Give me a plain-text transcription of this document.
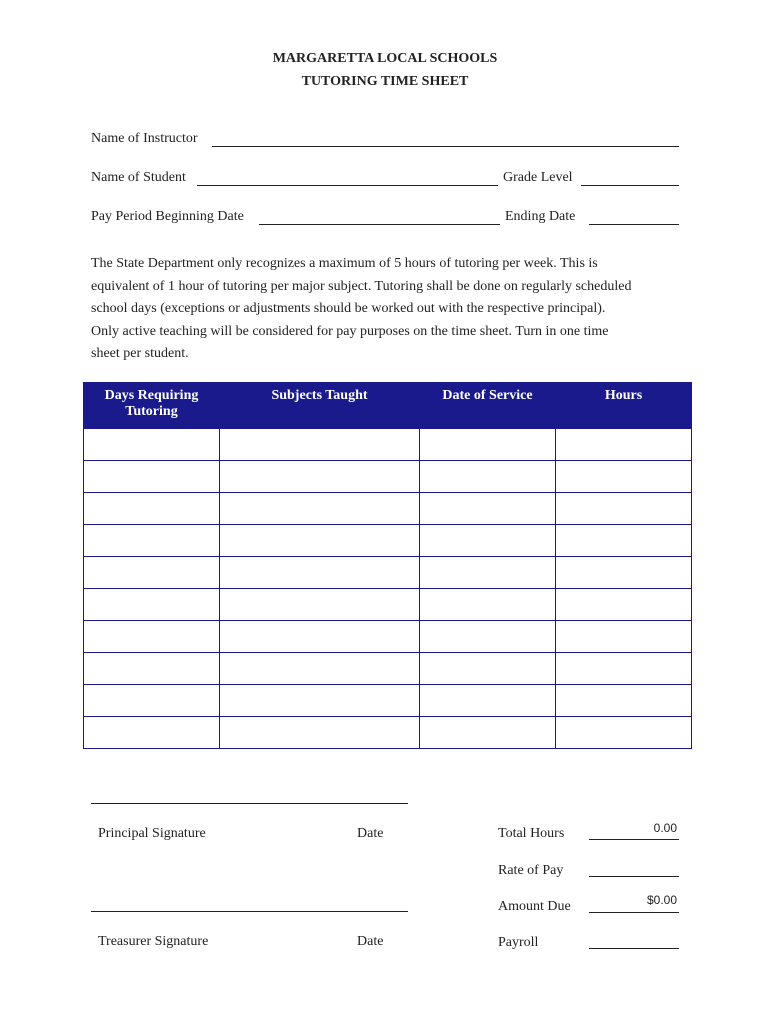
MARGARETTA LOCAL SCHOOLS
TUTORING TIME SHEET
Name of Instructor
Name of Student	Grade Level
Pay Period Beginning Date	Ending Date
The State Department only recognizes a maximum of 5 hours of tutoring per week. This is
equivalent of 1 hour of tutoring per major subject. Tutoring shall be done on regularly scheduled
school days (exceptions or adjustments should be worked out with the respective principal).
Only active teaching will be considered for pay purposes on the time sheet. Turn in one time
sheet per student.
Days Requiring Tutoring	Subjects Taught	Date of Service	Hours

Principal Signature	Date
Treasurer Signature	Date
Total Hours	0.00
Rate of Pay
Amount Due	$0.00
Payroll
